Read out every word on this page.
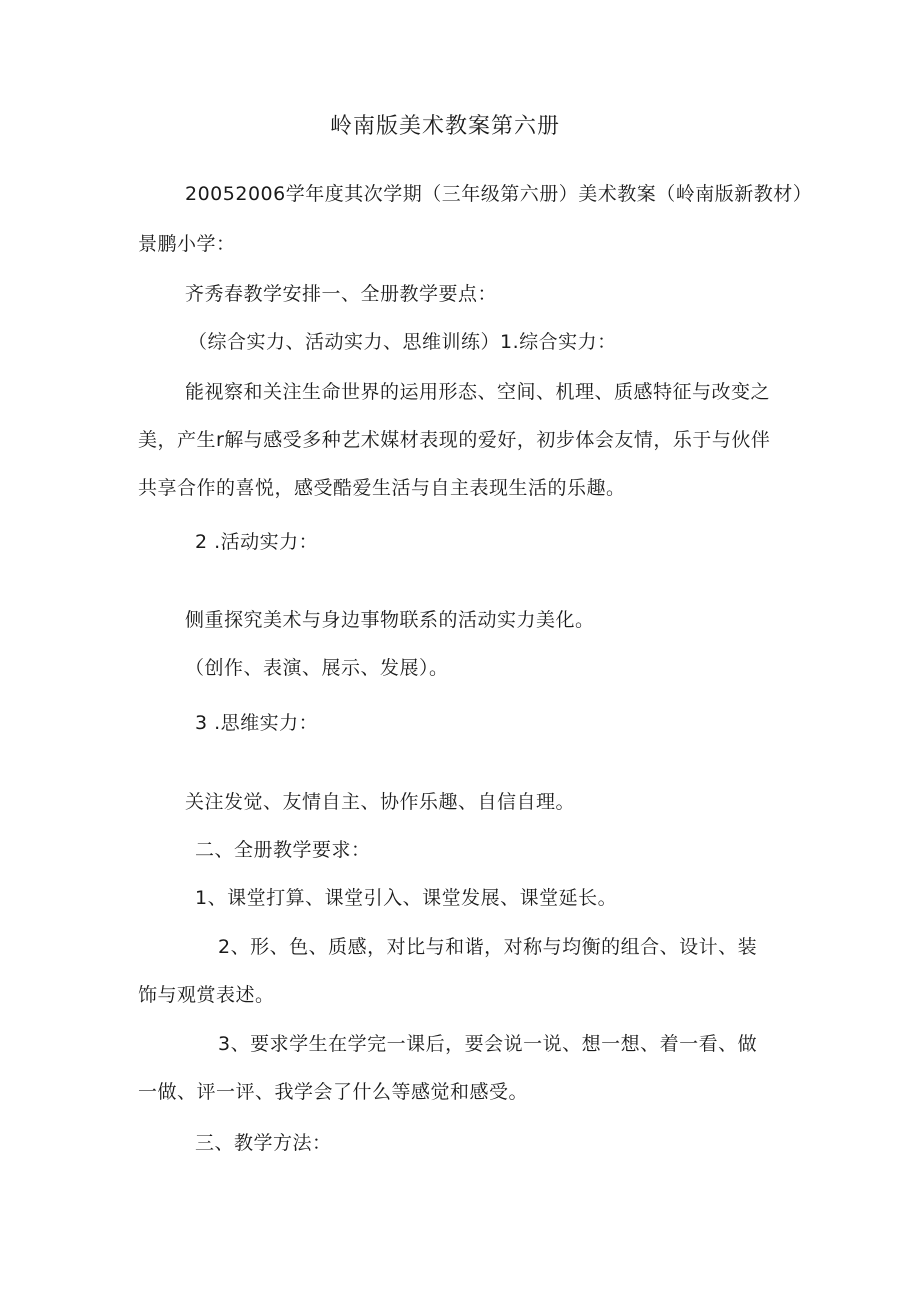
岭南版美术教案第六册
20052006学年度其次学期（三年级第六册）美术教案（岭南版新教材）
景鹏小学：
齐秀春教学安排一、全册教学要点：
（综合实力、活动实力、思维训练）1.综合实力：
能视察和关注生命世界的运用形态、空间、机理、质感特征与改变之
美，产生r解与感受多种艺术媒材表现的爱好，初步体会友情，乐于与伙伴
共享合作的喜悦，感受酷爱生活与自主表现生活的乐趣。
2 .活动实力：
侧重探究美术与身边事物联系的活动实力美化。
（创作、表演、展示、发展）。
3 .思维实力：
关注发觉、友情自主、协作乐趣、自信自理。
二、全册教学要求：
1、课堂打算、课堂引入、课堂发展、课堂延长。
2、形、色、质感，对比与和谐，对称与均衡的组合、设计、装
饰与观赏表述。
3、要求学生在学完一课后，要会说一说、想一想、着一看、做
一做、评一评、我学会了什么等感觉和感受。
三、教学方法：
